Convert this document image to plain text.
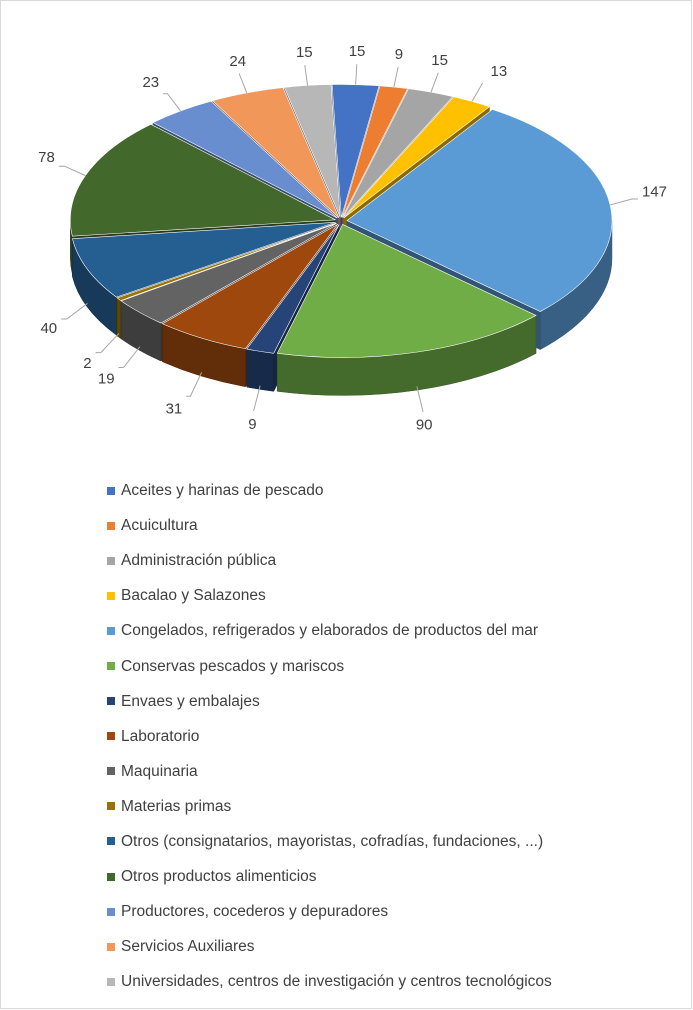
15 9 15
13
147
90
9
31
19
2
40
78
23
24
15
Aceites y harinas de pescado
Acuicultura
Administración pública
Bacalao y Salazones
Congelados, refrigerados y elaborados de productos del mar
Conservas pescados y mariscos
Envaes y embalajes
Laboratorio
Maquinaria
Materias primas
Otros (consignatarios, mayoristas, cofradías, fundaciones, ...)
Otros productos alimenticios
Productores, cocederos y depuradores
Servicios Auxiliares
Universidades, centros de investigación y centros tecnológicos
